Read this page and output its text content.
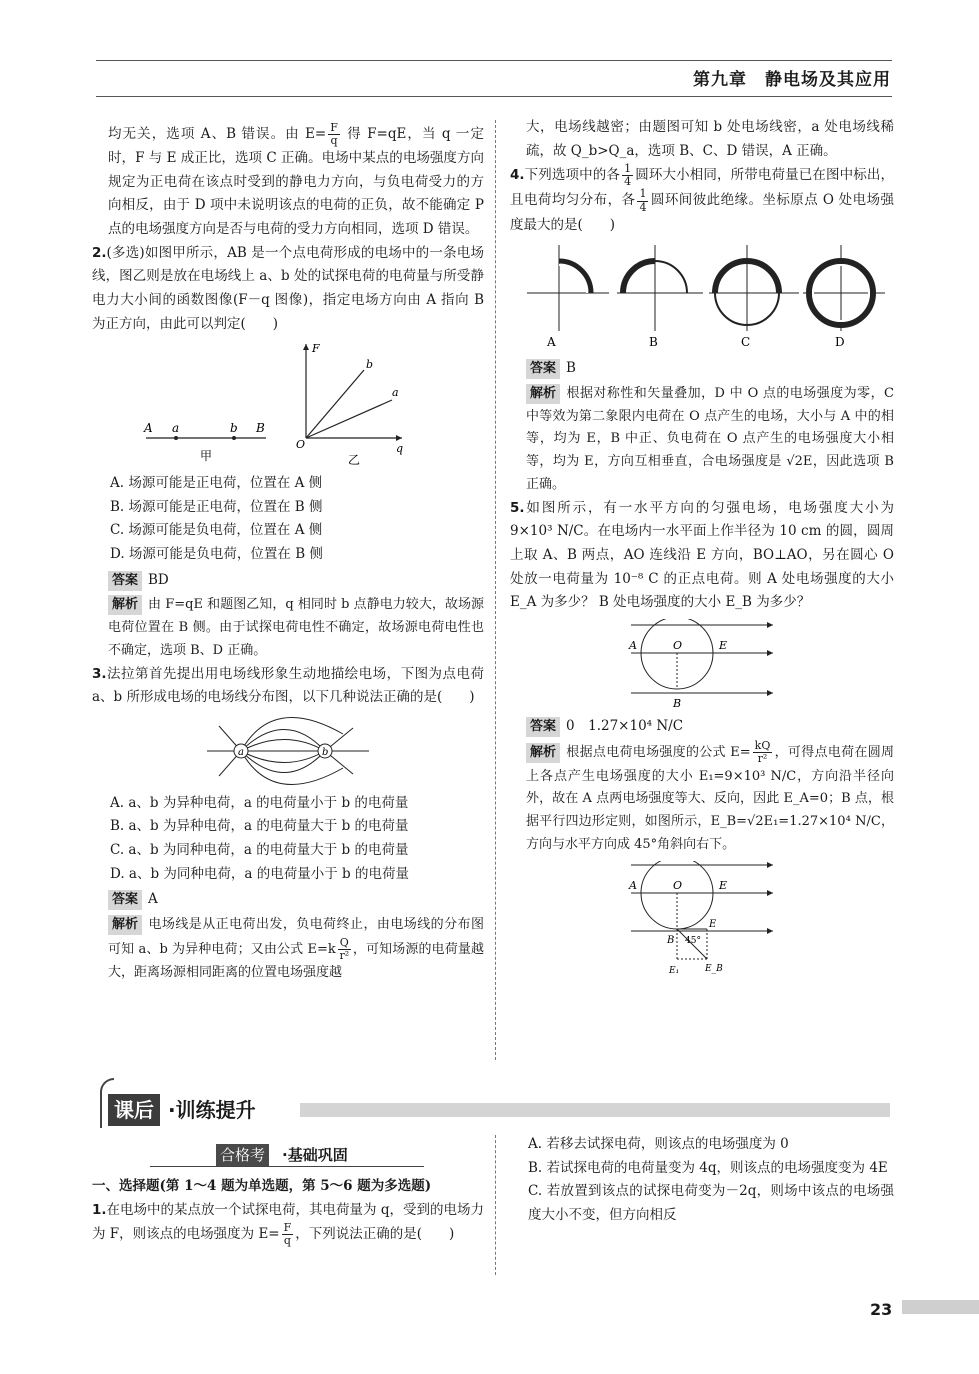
第九章　静电场及其应用

均无关，选项 A、B 错误。由 $E= \frac{F}{q}$ 得 F=qE，当 q 一定时，F 与 E 成正比，选项 C 正确。电场中某点的电场强度方向规定为正电荷在该点时受到的静电力方向，与负电荷受力的方向相反，由于 D 项中未说明该点的电荷的正负，故不能确定 P 点的电场强度方向是否与电荷的受力方向相同，选项 D 错误。

2.(多选)如图甲所示，AB 是一个点电荷形成的电场中的一条电场线，图乙则是放在电场线上 a、b 处的试探电荷的电荷量与所受静电力大小间的函数图像(F－q 图像)，指定电场方向由 A 指向 B 为正方向，由此可以判定(　　)

A a	b B
甲
F
O	q
b
a
乙

A. 场源可能是正电荷，位置在 A 侧

B. 场源可能是正电荷，位置在 B 侧

C. 场源可能是负电荷，位置在 A 侧

D. 场源可能是负电荷，位置在 B 侧

答案 BD

解析 由 F=qE 和题图乙知，q 相同时 b 点静电力较大，故场源电荷位置在 B 侧。由于试探电荷电性不确定，故场源电荷电性也不确定，选项 B、D 正确。

3.法拉第首先提出用电场线形象生动地描绘电场，下图为点电荷 a、b 所形成电场的电场线分布图，以下几种说法正确的是(　　)

a	b

A. a、b 为异种电荷，a 的电荷量小于 b 的电荷量

B. a、b 为异种电荷，a 的电荷量大于 b 的电荷量

C. a、b 为同种电荷，a 的电荷量大于 b 的电荷量

D. a、b 为同种电荷，a 的电荷量小于 b 的电荷量

答案 A

解析 电场线是从正电荷出发，负电荷终止，由电场线的分布图可知 a、b 为异种电荷；又由公式 $E=k \frac{Q}{\text{r²}}$ ，可知场源的电荷量越大，距离场源相同距离的位置电场强度越

大，电场线越密；由题图可知 b 处电场线密，a 处电场线稀疏，故 Q_b>Q_a，选项 B、C、D 错误，A 正确。

4.下列选项中的各 $\frac{1}{4}$ 圆环大小相同，所带电荷量已在图中标出，且电荷均匀分布，各 $\frac{1}{4}$ 圆环间彼此绝缘。坐标原点 O 处电场强度最大的是(　　)

A	B	C	D

答案 B

解析 根据对称性和矢量叠加，D 中 O 点的电场强度为零，C 中等效为第二象限内电荷在 O 点产生的电场，大小与 A 中的相等，均为 E，B 中正、负电荷在 O 点产生的电场强度大小相等，均为 E，方向互相垂直，合电场强度是 √2E，因此选项 B 正确。

5.如图所示，有一水平方向的匀强电场，电场强度大小为 9×10³ N/C。在电场内一水平面上作半径为 10 cm 的圆，圆周上取 A、B 两点，AO 连线沿 E 方向，BO⊥AO，另在圆心 O 处放一电荷量为 10⁻⁸ C 的正点电荷。则 A 处电场强度的大小 E_A 为多少？ B 处电场强度的大小 E_B 为多少？

A	O	E
B

答案 0　1.27×10⁴ N/C

解析 根据点电荷电场强度的公式 $E= \frac{kQ}{\text{r²}}$ ，可得点电荷在圆周上各点产生电场强度的大小 E₁=9×10³ N/C，方向沿半径向外，故在 A 点两电场强度等大、反向，因此 E_A=0；B 点，根据平行四边形定则，如图所示，E_B=√2E₁=1.27×10⁴ N/C，方向与水平方向成 45°角斜向右下。

A	O	E
E
B 45°
E₁	E_B
课后 ·训练提升
合格考 ·基础巩固

一、选择题(第 1～4 题为单选题，第 5～6 题为多选题)

1.在电场中的某点放一个试探电荷，其电荷量为 q，受到的电场力为 F，则该点的电场强度为 $E= \frac{F}{q}$ ，下列说法正确的是(　　)

A. 若移去试探电荷，则该点的电场强度为 0

B. 若试探电荷的电荷量变为 4q，则该点的电场强度变为 4E

C. 若放置到该点的试探电荷变为－2q，则场中该点的电场强度大小不变，但方向相反

23
